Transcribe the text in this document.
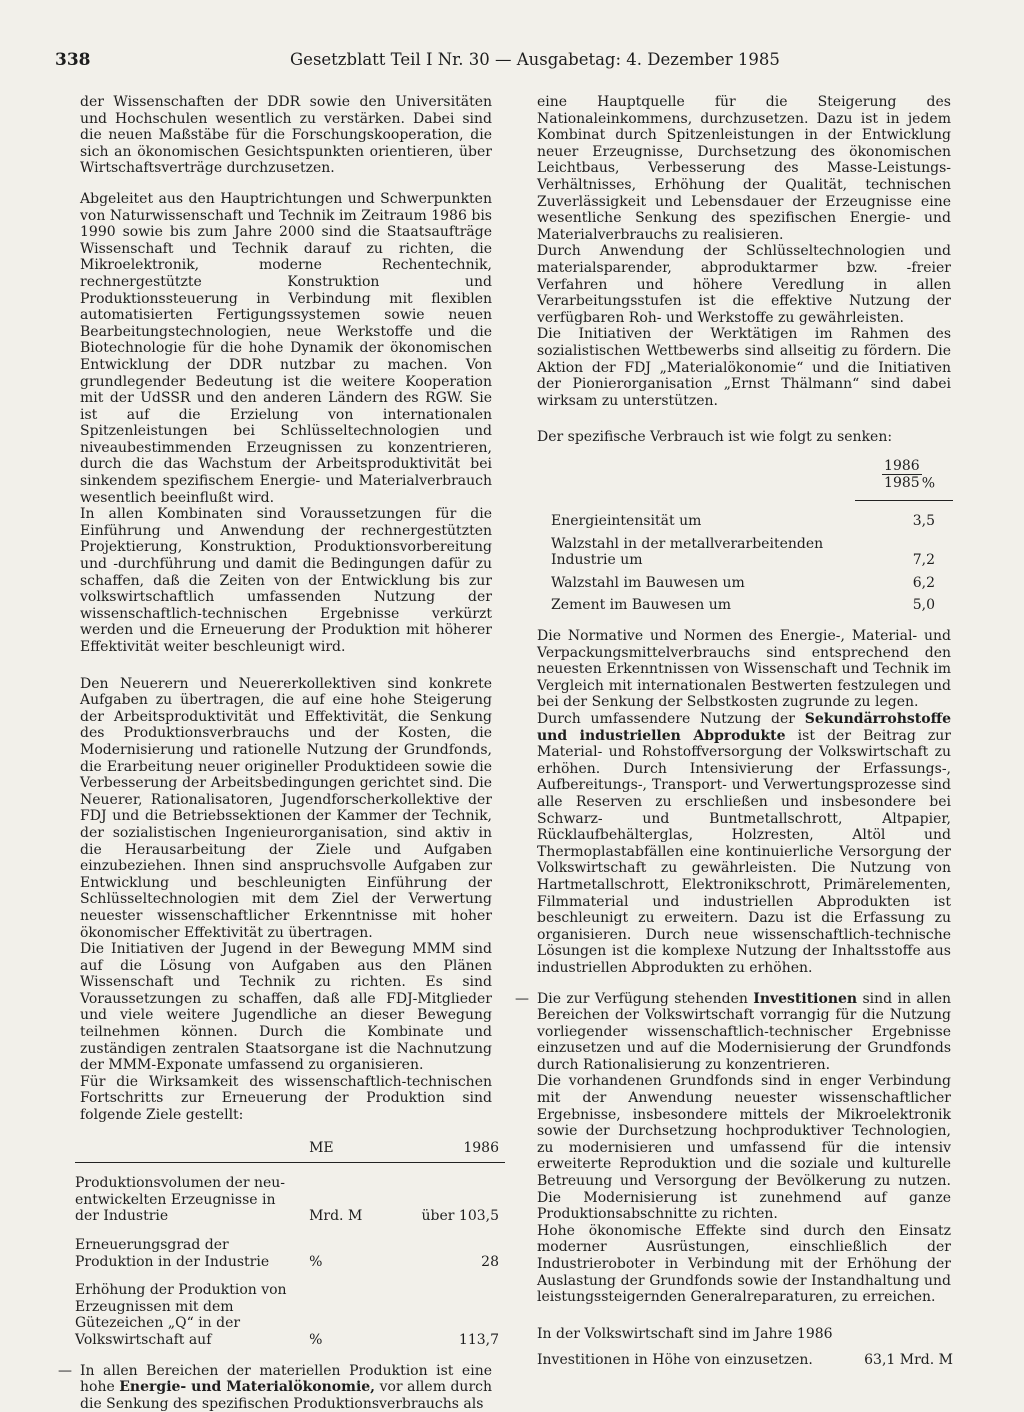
338	Gesetzblatt Teil I Nr. 30 — Ausgabetag: 4. Dezember 1985

der Wissenschaften der DDR sowie den Universitäten und Hochschulen wesentlich zu verstärken. Dabei sind die neuen Maßstäbe für die Forschungskooperation, die sich an ökonomischen Gesichtspunkten orientieren, über Wirtschaftsverträge durchzusetzen.

Abgeleitet aus den Hauptrichtungen und Schwerpunkten von Naturwissenschaft und Technik im Zeitraum 1986 bis 1990 sowie bis zum Jahre 2000 sind die Staatsaufträge Wissenschaft und Technik darauf zu richten, die Mikroelektronik, moderne Rechentechnik, rechnergestützte Konstruktion und Produktionssteuerung in Verbindung mit flexiblen automatisierten Fertigungssystemen sowie neuen Bearbeitungstechnologien, neue Werkstoffe und die Biotechnologie für die hohe Dynamik der ökonomischen Entwicklung der DDR nutzbar zu machen. Von grundlegender Bedeutung ist die weitere Kooperation mit der UdSSR und den anderen Ländern des RGW. Sie ist auf die Erzielung von internationalen Spitzenleistungen bei Schlüsseltechnologien und niveaubestimmenden Erzeugnissen zu konzentrieren, durch die das Wachstum der Arbeitsproduktivität bei sinkendem spezifischem Energie- und Materialverbrauch wesentlich beeinflußt wird.

In allen Kombinaten sind Voraussetzungen für die Einführung und Anwendung der rechnergestützten Projektierung, Konstruktion, Produktionsvorbereitung und -durchführung und damit die Bedingungen dafür zu schaffen, daß die Zeiten von der Entwicklung bis zur volkswirtschaftlich umfassenden Nutzung der wissenschaftlich-technischen Ergebnisse verkürzt werden und die Erneuerung der Produktion mit höherer Effektivität weiter beschleunigt wird.

Den Neuerern und Neuererkollektiven sind konkrete Aufgaben zu übertragen, die auf eine hohe Steigerung der Arbeitsproduktivität und Effektivität, die Senkung des Produktionsverbrauchs und der Kosten, die Modernisierung und rationelle Nutzung der Grundfonds, die Erarbeitung neuer origineller Produktideen sowie die Verbesserung der Arbeitsbedingungen gerichtet sind. Die Neuerer, Rationalisatoren, Jugendforscherkollektive der FDJ und die Betriebssektionen der Kammer der Technik, der sozialistischen Ingenieurorganisation, sind aktiv in die Herausarbeitung der Ziele und Aufgaben einzubeziehen. Ihnen sind anspruchsvolle Aufgaben zur Entwicklung und beschleunigten Einführung der Schlüsseltechnologien mit dem Ziel der Verwertung neuester wissenschaftlicher Erkenntnisse mit hoher ökonomischer Effektivität zu übertragen.

Die Initiativen der Jugend in der Bewegung MMM sind auf die Lösung von Aufgaben aus den Plänen Wissenschaft und Technik zu richten. Es sind Voraussetzungen zu schaffen, daß alle FDJ-Mitglieder und viele weitere Jugendliche an dieser Bewegung teilnehmen können. Durch die Kombinate und zuständigen zentralen Staatsorgane ist die Nachnutzung der MMM-Exponate umfassend zu organisieren.

Für die Wirksamkeit des wissenschaftlich-technischen Fortschritts zur Erneuerung der Produktion sind folgende Ziele gestellt:

	ME	1986
Produktionsvolumen der neu-entwickelten Erzeugnisse in der Industrie	Mrd. M	über 103,5
Erneuerungsgrad der Produktion in der Industrie	%	28
Erhöhung der Produktion von Erzeugnissen mit dem Gütezeichen „Q“ in der Volkswirtschaft auf	%	113,7

— In allen Bereichen der materiellen Produktion ist eine hohe Energie- und Materialökonomie, vor allem durch die Senkung des spezifischen Produktionsverbrauchs als

eine Hauptquelle für die Steigerung des Nationaleinkommens, durchzusetzen. Dazu ist in jedem Kombinat durch Spitzenleistungen in der Entwicklung neuer Erzeugnisse, Durchsetzung des ökonomischen Leichtbaus, Verbesserung des Masse-Leistungs-Verhältnisses, Erhöhung der Qualität, technischen Zuverlässigkeit und Lebensdauer der Erzeugnisse eine wesentliche Senkung des spezifischen Energie- und Materialverbrauchs zu realisieren.

Durch Anwendung der Schlüsseltechnologien und materialsparender, abproduktarmer bzw. -freier Verfahren und höhere Veredlung in allen Verarbeitungsstufen ist die effektive Nutzung der verfügbaren Roh- und Werkstoffe zu gewährleisten.

Die Initiativen der Werktätigen im Rahmen des sozialistischen Wettbewerbs sind allseitig zu fördern. Die Aktion der FDJ „Materialökonomie“ und die Initiativen der Pionierorganisation „Ernst Thälmann“ sind dabei wirksam zu unterstützen.

Der spezifische Verbrauch ist wie folgt zu senken:

	$\frac{1986}{1985}$ %
Energieintensität um	3,5
Walzstahl in der metallverarbeitenden Industrie um	7,2
Walzstahl im Bauwesen um	6,2
Zement im Bauwesen um	5,0

Die Normative und Normen des Energie-, Material- und Verpackungsmittelverbrauchs sind entsprechend den neuesten Erkenntnissen von Wissenschaft und Technik im Vergleich mit internationalen Bestwerten festzulegen und bei der Senkung der Selbstkosten zugrunde zu legen.

Durch umfassendere Nutzung der Sekundärrohstoffe und industriellen Abprodukte ist der Beitrag zur Material- und Rohstoffversorgung der Volkswirtschaft zu erhöhen. Durch Intensivierung der Erfassungs-, Aufbereitungs-, Transport- und Verwertungsprozesse sind alle Reserven zu erschließen und insbesondere bei Schwarz- und Buntmetallschrott, Altpapier, Rücklaufbehälterglas, Holzresten, Altöl und Thermoplastabfällen eine kontinuierliche Versorgung der Volkswirtschaft zu gewährleisten. Die Nutzung von Hartmetallschrott, Elektronikschrott, Primärelementen, Filmmaterial und industriellen Abprodukten ist beschleunigt zu erweitern. Dazu ist die Erfassung zu organisieren. Durch neue wissenschaftlich-technische Lösungen ist die komplexe Nutzung der Inhaltsstoffe aus industriellen Abprodukten zu erhöhen.

— Die zur Verfügung stehenden Investitionen sind in allen Bereichen der Volkswirtschaft vorrangig für die Nutzung vorliegender wissenschaftlich-technischer Ergebnisse einzusetzen und auf die Modernisierung der Grundfonds durch Rationalisierung zu konzentrieren.

Die vorhandenen Grundfonds sind in enger Verbindung mit der Anwendung neuester wissenschaftlicher Ergebnisse, insbesondere mittels der Mikroelektronik sowie der Durchsetzung hochproduktiver Technologien, zu modernisieren und umfassend für die intensiv erweiterte Reproduktion und die soziale und kulturelle Betreuung und Versorgung der Bevölkerung zu nutzen. Die Modernisierung ist zunehmend auf ganze Produktionsabschnitte zu richten.

Hohe ökonomische Effekte sind durch den Einsatz moderner Ausrüstungen, einschließlich der Industrieroboter in Verbindung mit der Erhöhung der Auslastung der Grundfonds sowie der Instandhaltung und leistungssteigernden Generalreparaturen, zu erreichen.

In der Volkswirtschaft sind im Jahre 1986

Investitionen in Höhe von einzusetzen.	63,1 Mrd. M
